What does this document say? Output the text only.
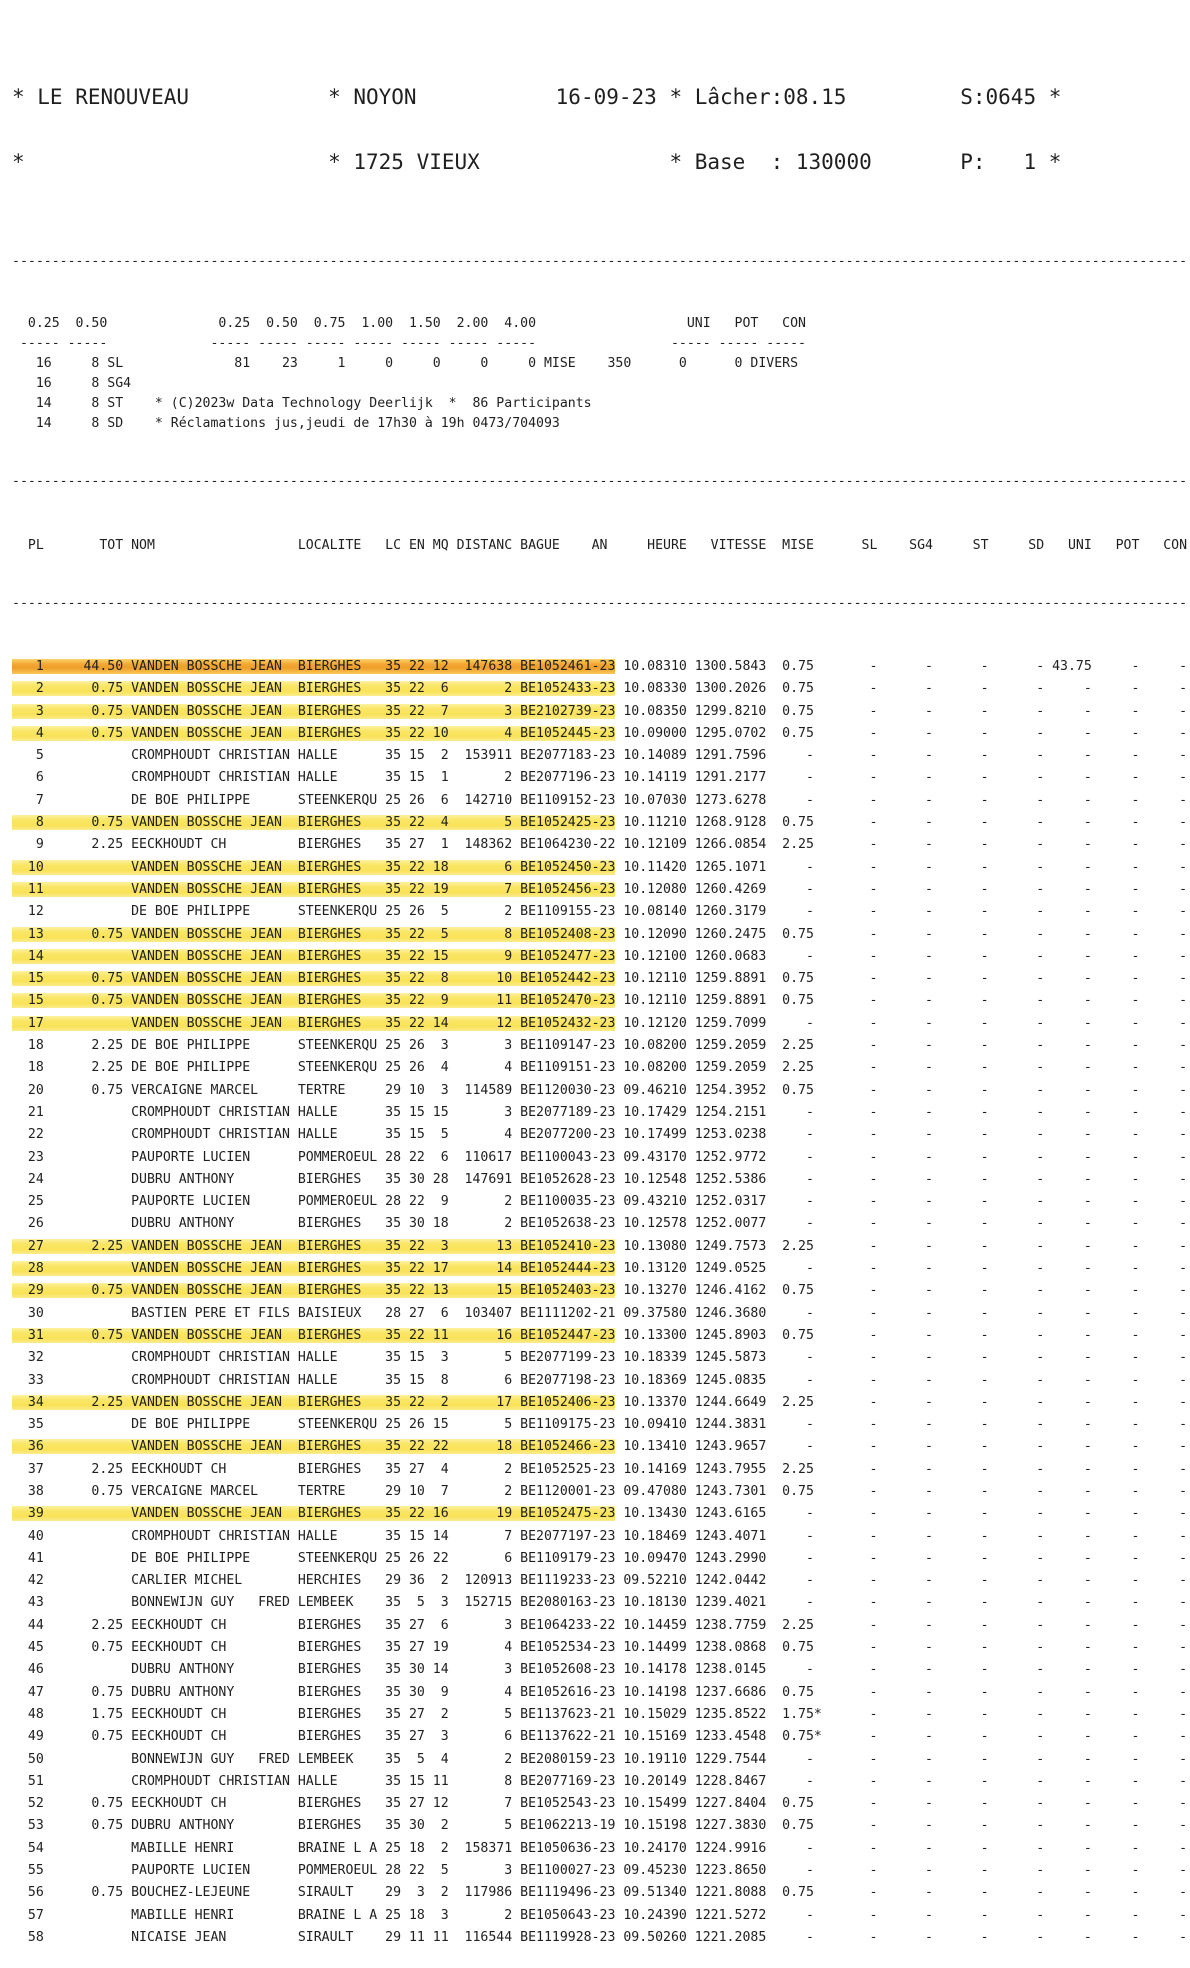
* LE RENOUVEAU           * NOYON           16-09-23 * Lâcher:08.15         S:0645 *

*                        * 1725 VIEUX               * Base  : 130000       P:   1 *

----------------------------------------------------------------------------------------------------------------------------------------------------

0.25  0.50              0.25  0.50  0.75  1.00  1.50  2.00  4.00                   UNI   POT   CON
----- -----             ----- ----- ----- ----- ----- ----- -----                 ----- ----- -----
16     8 SL              81    23     1     0     0     0     0 MISE    350      0      0 DIVERS
16     8 SG4
14     8 ST    * (C)2023w Data Technology Deerlijk  *  86 Participants
14     8 SD    * Réclamations jus,jeudi de 17h30 à 19h 0473/704093

----------------------------------------------------------------------------------------------------------------------------------------------------

PL       TOT NOM                  LOCALITE   LC EN MQ DISTANC BAGUE    AN     HEURE   VITESSE  MISE      SL    SG4     ST     SD   UNI   POT   CON

----------------------------------------------------------------------------------------------------------------------------------------------------

1     44.50 VANDEN BOSSCHE JEAN  BIERGHES   35 22 12  147638 BE1052461-23 10.08310 1300.5843  0.75       -      -      -      - 43.75     -     -
2      0.75 VANDEN BOSSCHE JEAN  BIERGHES   35 22  6       2 BE1052433-23 10.08330 1300.2026  0.75       -      -      -      -     -     -     -
3      0.75 VANDEN BOSSCHE JEAN  BIERGHES   35 22  7       3 BE2102739-23 10.08350 1299.8210  0.75       -      -      -      -     -     -     -
4      0.75 VANDEN BOSSCHE JEAN  BIERGHES   35 22 10       4 BE1052445-23 10.09000 1295.0702  0.75       -      -      -      -     -     -     -
5           CROMPHOUDT CHRISTIAN HALLE      35 15  2  153911 BE2077183-23 10.14089 1291.7596     -       -      -      -      -     -     -     -
6           CROMPHOUDT CHRISTIAN HALLE      35 15  1       2 BE2077196-23 10.14119 1291.2177     -       -      -      -      -     -     -     -
7           DE BOE PHILIPPE      STEENKERQU 25 26  6  142710 BE1109152-23 10.07030 1273.6278     -       -      -      -      -     -     -     -
8      0.75 VANDEN BOSSCHE JEAN  BIERGHES   35 22  4       5 BE1052425-23 10.11210 1268.9128  0.75       -      -      -      -     -     -     -
9      2.25 EECKHOUDT CH         BIERGHES   35 27  1  148362 BE1064230-22 10.12109 1266.0854  2.25       -      -      -      -     -     -     -
10           VANDEN BOSSCHE JEAN  BIERGHES   35 22 18       6 BE1052450-23 10.11420 1265.1071     -       -      -      -      -     -     -     -
11           VANDEN BOSSCHE JEAN  BIERGHES   35 22 19       7 BE1052456-23 10.12080 1260.4269     -       -      -      -      -     -     -     -
12           DE BOE PHILIPPE      STEENKERQU 25 26  5       2 BE1109155-23 10.08140 1260.3179     -       -      -      -      -     -     -     -
13      0.75 VANDEN BOSSCHE JEAN  BIERGHES   35 22  5       8 BE1052408-23 10.12090 1260.2475  0.75       -      -      -      -     -     -     -
14           VANDEN BOSSCHE JEAN  BIERGHES   35 22 15       9 BE1052477-23 10.12100 1260.0683     -       -      -      -      -     -     -     -
15      0.75 VANDEN BOSSCHE JEAN  BIERGHES   35 22  8      10 BE1052442-23 10.12110 1259.8891  0.75       -      -      -      -     -     -     -
15      0.75 VANDEN BOSSCHE JEAN  BIERGHES   35 22  9      11 BE1052470-23 10.12110 1259.8891  0.75       -      -      -      -     -     -     -
17           VANDEN BOSSCHE JEAN  BIERGHES   35 22 14      12 BE1052432-23 10.12120 1259.7099     -       -      -      -      -     -     -     -
18      2.25 DE BOE PHILIPPE      STEENKERQU 25 26  3       3 BE1109147-23 10.08200 1259.2059  2.25       -      -      -      -     -     -     -
18      2.25 DE BOE PHILIPPE      STEENKERQU 25 26  4       4 BE1109151-23 10.08200 1259.2059  2.25       -      -      -      -     -     -     -
20      0.75 VERCAIGNE MARCEL     TERTRE     29 10  3  114589 BE1120030-23 09.46210 1254.3952  0.75       -      -      -      -     -     -     -
21           CROMPHOUDT CHRISTIAN HALLE      35 15 15       3 BE2077189-23 10.17429 1254.2151     -       -      -      -      -     -     -     -
22           CROMPHOUDT CHRISTIAN HALLE      35 15  5       4 BE2077200-23 10.17499 1253.0238     -       -      -      -      -     -     -     -
23           PAUPORTE LUCIEN      POMMEROEUL 28 22  6  110617 BE1100043-23 09.43170 1252.9772     -       -      -      -      -     -     -     -
24           DUBRU ANTHONY        BIERGHES   35 30 28  147691 BE1052628-23 10.12548 1252.5386     -       -      -      -      -     -     -     -
25           PAUPORTE LUCIEN      POMMEROEUL 28 22  9       2 BE1100035-23 09.43210 1252.0317     -       -      -      -      -     -     -     -
26           DUBRU ANTHONY        BIERGHES   35 30 18       2 BE1052638-23 10.12578 1252.0077     -       -      -      -      -     -     -     -
27      2.25 VANDEN BOSSCHE JEAN  BIERGHES   35 22  3      13 BE1052410-23 10.13080 1249.7573  2.25       -      -      -      -     -     -     -
28           VANDEN BOSSCHE JEAN  BIERGHES   35 22 17      14 BE1052444-23 10.13120 1249.0525     -       -      -      -      -     -     -     -
29      0.75 VANDEN BOSSCHE JEAN  BIERGHES   35 22 13      15 BE1052403-23 10.13270 1246.4162  0.75       -      -      -      -     -     -     -
30           BASTIEN PERE ET FILS BAISIEUX   28 27  6  103407 BE1111202-21 09.37580 1246.3680     -       -      -      -      -     -     -     -
31      0.75 VANDEN BOSSCHE JEAN  BIERGHES   35 22 11      16 BE1052447-23 10.13300 1245.8903  0.75       -      -      -      -     -     -     -
32           CROMPHOUDT CHRISTIAN HALLE      35 15  3       5 BE2077199-23 10.18339 1245.5873     -       -      -      -      -     -     -     -
33           CROMPHOUDT CHRISTIAN HALLE      35 15  8       6 BE2077198-23 10.18369 1245.0835     -       -      -      -      -     -     -     -
34      2.25 VANDEN BOSSCHE JEAN  BIERGHES   35 22  2      17 BE1052406-23 10.13370 1244.6649  2.25       -      -      -      -     -     -     -
35           DE BOE PHILIPPE      STEENKERQU 25 26 15       5 BE1109175-23 10.09410 1244.3831     -       -      -      -      -     -     -     -
36           VANDEN BOSSCHE JEAN  BIERGHES   35 22 22      18 BE1052466-23 10.13410 1243.9657     -       -      -      -      -     -     -     -
37      2.25 EECKHOUDT CH         BIERGHES   35 27  4       2 BE1052525-23 10.14169 1243.7955  2.25       -      -      -      -     -     -     -
38      0.75 VERCAIGNE MARCEL     TERTRE     29 10  7       2 BE1120001-23 09.47080 1243.7301  0.75       -      -      -      -     -     -     -
39           VANDEN BOSSCHE JEAN  BIERGHES   35 22 16      19 BE1052475-23 10.13430 1243.6165     -       -      -      -      -     -     -     -
40           CROMPHOUDT CHRISTIAN HALLE      35 15 14       7 BE2077197-23 10.18469 1243.4071     -       -      -      -      -     -     -     -
41           DE BOE PHILIPPE      STEENKERQU 25 26 22       6 BE1109179-23 10.09470 1243.2990     -       -      -      -      -     -     -     -
42           CARLIER MICHEL       HERCHIES   29 36  2  120913 BE1119233-23 09.52210 1242.0442     -       -      -      -      -     -     -     -
43           BONNEWIJN GUY   FRED LEMBEEK    35  5  3  152715 BE2080163-23 10.18130 1239.4021     -       -      -      -      -     -     -     -
44      2.25 EECKHOUDT CH         BIERGHES   35 27  6       3 BE1064233-22 10.14459 1238.7759  2.25       -      -      -      -     -     -     -
45      0.75 EECKHOUDT CH         BIERGHES   35 27 19       4 BE1052534-23 10.14499 1238.0868  0.75       -      -      -      -     -     -     -
46           DUBRU ANTHONY        BIERGHES   35 30 14       3 BE1052608-23 10.14178 1238.0145     -       -      -      -      -     -     -     -
47      0.75 DUBRU ANTHONY        BIERGHES   35 30  9       4 BE1052616-23 10.14198 1237.6686  0.75       -      -      -      -     -     -     -
48      1.75 EECKHOUDT CH         BIERGHES   35 27  2       5 BE1137623-21 10.15029 1235.8522  1.75*      -      -      -      -     -     -     -
49      0.75 EECKHOUDT CH         BIERGHES   35 27  3       6 BE1137622-21 10.15169 1233.4548  0.75*      -      -      -      -     -     -     -
50           BONNEWIJN GUY   FRED LEMBEEK    35  5  4       2 BE2080159-23 10.19110 1229.7544     -       -      -      -      -     -     -     -
51           CROMPHOUDT CHRISTIAN HALLE      35 15 11       8 BE2077169-23 10.20149 1228.8467     -       -      -      -      -     -     -     -
52      0.75 EECKHOUDT CH         BIERGHES   35 27 12       7 BE1052543-23 10.15499 1227.8404  0.75       -      -      -      -     -     -     -
53      0.75 DUBRU ANTHONY        BIERGHES   35 30  2       5 BE1062213-19 10.15198 1227.3830  0.75       -      -      -      -     -     -     -
54           MABILLE HENRI        BRAINE L A 25 18  2  158371 BE1050636-23 10.24170 1224.9916     -       -      -      -      -     -     -     -
55           PAUPORTE LUCIEN      POMMEROEUL 28 22  5       3 BE1100027-23 09.45230 1223.8650     -       -      -      -      -     -     -     -
56      0.75 BOUCHEZ-LEJEUNE      SIRAULT    29  3  2  117986 BE1119496-23 09.51340 1221.8088  0.75       -      -      -      -     -     -     -
57           MABILLE HENRI        BRAINE L A 25 18  3       2 BE1050643-23 10.24390 1221.5272     -       -      -      -      -     -     -     -
58           NICAISE JEAN         SIRAULT    29 11 11  116544 BE1119928-23 09.50260 1221.2085     -       -      -      -      -     -     -     -
